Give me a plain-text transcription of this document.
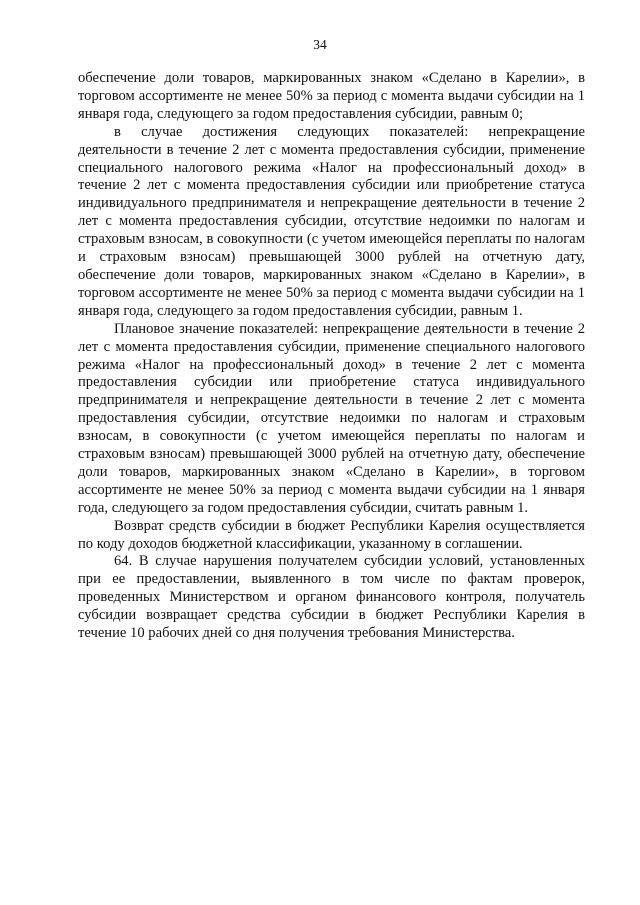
34

обеспечение доли товаров, маркированных знаком «Сделано в Карелии», в торговом ассортименте не менее 50% за период с момента выдачи субсидии на 1 января года, следующего за годом предоставления субсидии, равным 0;

в случае достижения следующих показателей: непрекращение деятельности в течение 2 лет с момента предоставления субсидии, применение специального налогового режима «Налог на профессиональный доход» в течение 2 лет с момента предоставления субсидии или приобретение статуса индивидуального предпринимателя и непрекращение деятельности в течение 2 лет с момента предоставления субсидии, отсутствие недоимки по налогам и страховым взносам, в совокупности (с учетом имеющейся переплаты по налогам и страховым взносам) превышающей 3000 рублей на отчетную дату, обеспечение доли товаров, маркированных знаком «Сделано в Карелии», в торговом ассортименте не менее 50% за период с момента выдачи субсидии на 1 января года, следующего за годом предоставления субсидии, равным 1.

Плановое значение показателей: непрекращение деятельности в течение 2 лет с момента предоставления субсидии, применение специального налогового режима «Налог на профессиональный доход» в течение 2 лет с момента предоставления субсидии или приобретение статуса индивидуального предпринимателя и непрекращение деятельности в течение 2 лет с момента предоставления субсидии, отсутствие недоимки по налогам и страховым взносам, в совокупности (с учетом имеющейся переплаты по налогам и страховым взносам) превышающей 3000 рублей на отчетную дату, обеспечение доли товаров, маркированных знаком «Сделано в Карелии», в торговом ассортименте не менее 50% за период с момента выдачи субсидии на 1 января года, следующего за годом предоставления субсидии, считать равным 1.

Возврат средств субсидии в бюджет Республики Карелия осуществляется по коду доходов бюджетной классификации, указанному в соглашении.

64. В случае нарушения получателем субсидии условий, установленных при ее предоставлении, выявленного в том числе по фактам проверок, проведенных Министерством и органом финансового контроля, получатель субсидии возвращает средства субсидии в бюджет Республики Карелия в течение 10 рабочих дней со дня получения требования Министерства.
